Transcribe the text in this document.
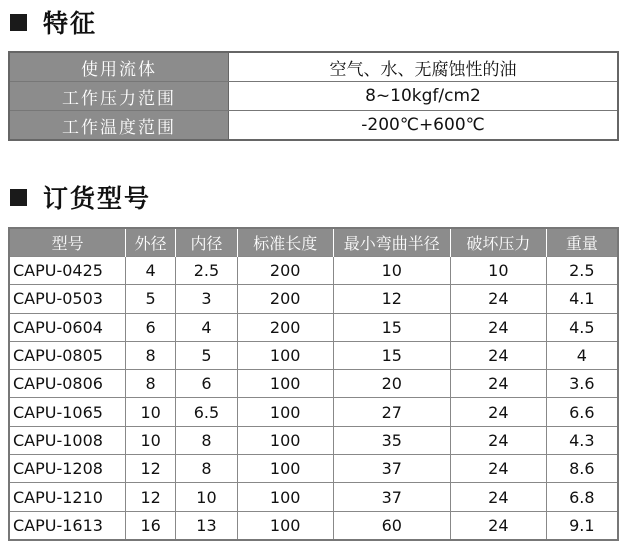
特征
使用流体	空气、水、无腐蚀性的油
工作压力范围	8~10kgf/cm2
工作温度范围	-200℃+600℃
订货型号
型号	外径	内径	标准长度	最小弯曲半径	破坏压力	重量
CAPU-0425	4	2.5	200	10	10	2.5
CAPU-0503	5	3	200	12	24	4.1
CAPU-0604	6	4	200	15	24	4.5
CAPU-0805	8	5	100	15	24	4
CAPU-0806	8	6	100	20	24	3.6
CAPU-1065	10	6.5	100	27	24	6.6
CAPU-1008	10	8	100	35	24	4.3
CAPU-1208	12	8	100	37	24	8.6
CAPU-1210	12	10	100	37	24	6.8
CAPU-1613	16	13	100	60	24	9.1
